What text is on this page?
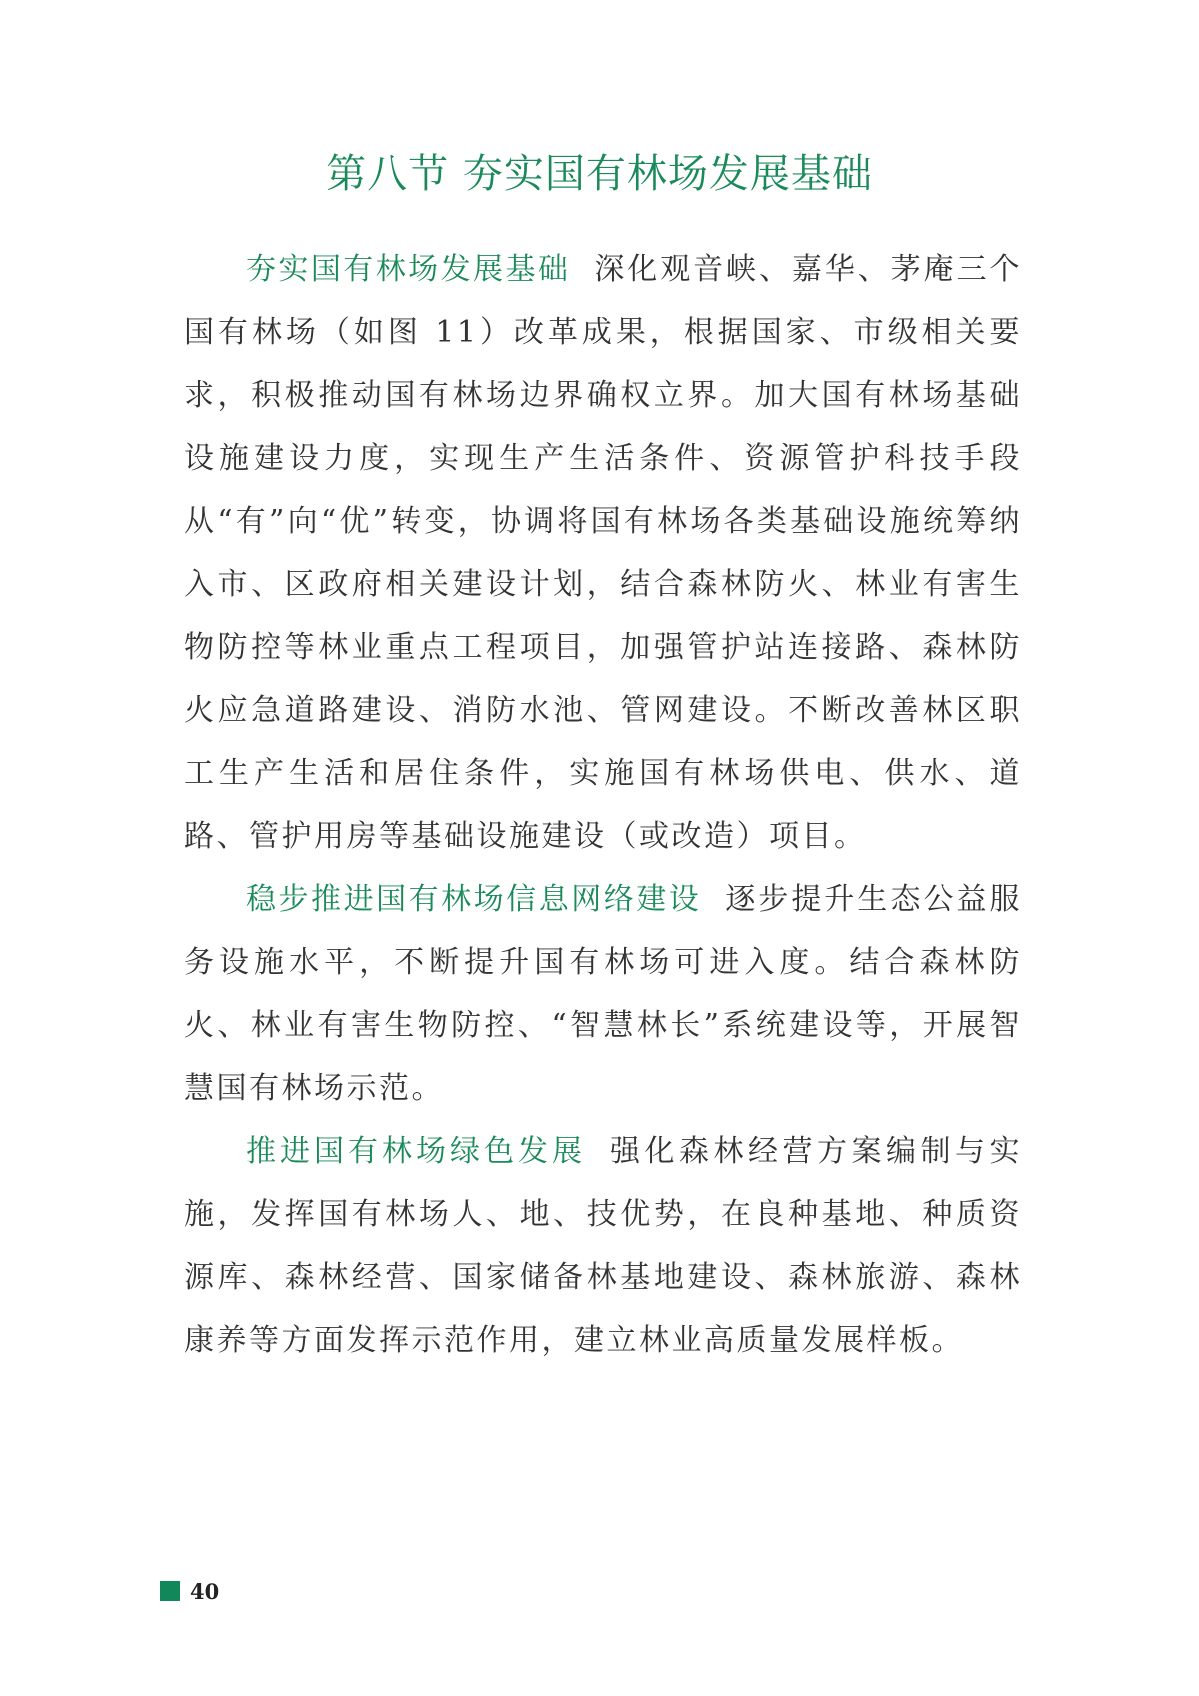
第八节 夯实国有林场发展基础

夯实国有林场发展基础 深化观音峡、嘉华、茅庵三个国有林场（如图 11）改革成果，根据国家、市级相关要求，积极推动国有林场边界确权立界。加大国有林场基础设施建设力度，实现生产生活条件、资源管护科技手段从“有”向“优”转变，协调将国有林场各类基础设施统筹纳入市、区政府相关建设计划，结合森林防火、林业有害生物防控等林业重点工程项目，加强管护站连接路、森林防火应急道路建设、消防水池、管网建设。不断改善林区职工生产生活和居住条件，实施国有林场供电、供水、道路、管护用房等基础设施建设（或改造）项目。

稳步推进国有林场信息网络建设 逐步提升生态公益服务设施水平，不断提升国有林场可进入度。结合森林防火、林业有害生物防控、“智慧林长”系统建设等，开展智慧国有林场示范。

推进国有林场绿色发展 强化森林经营方案编制与实施，发挥国有林场人、地、技优势，在良种基地、种质资源库、森林经营、国家储备林基地建设、森林旅游、森林康养等方面发挥示范作用，建立林业高质量发展样板。

40
